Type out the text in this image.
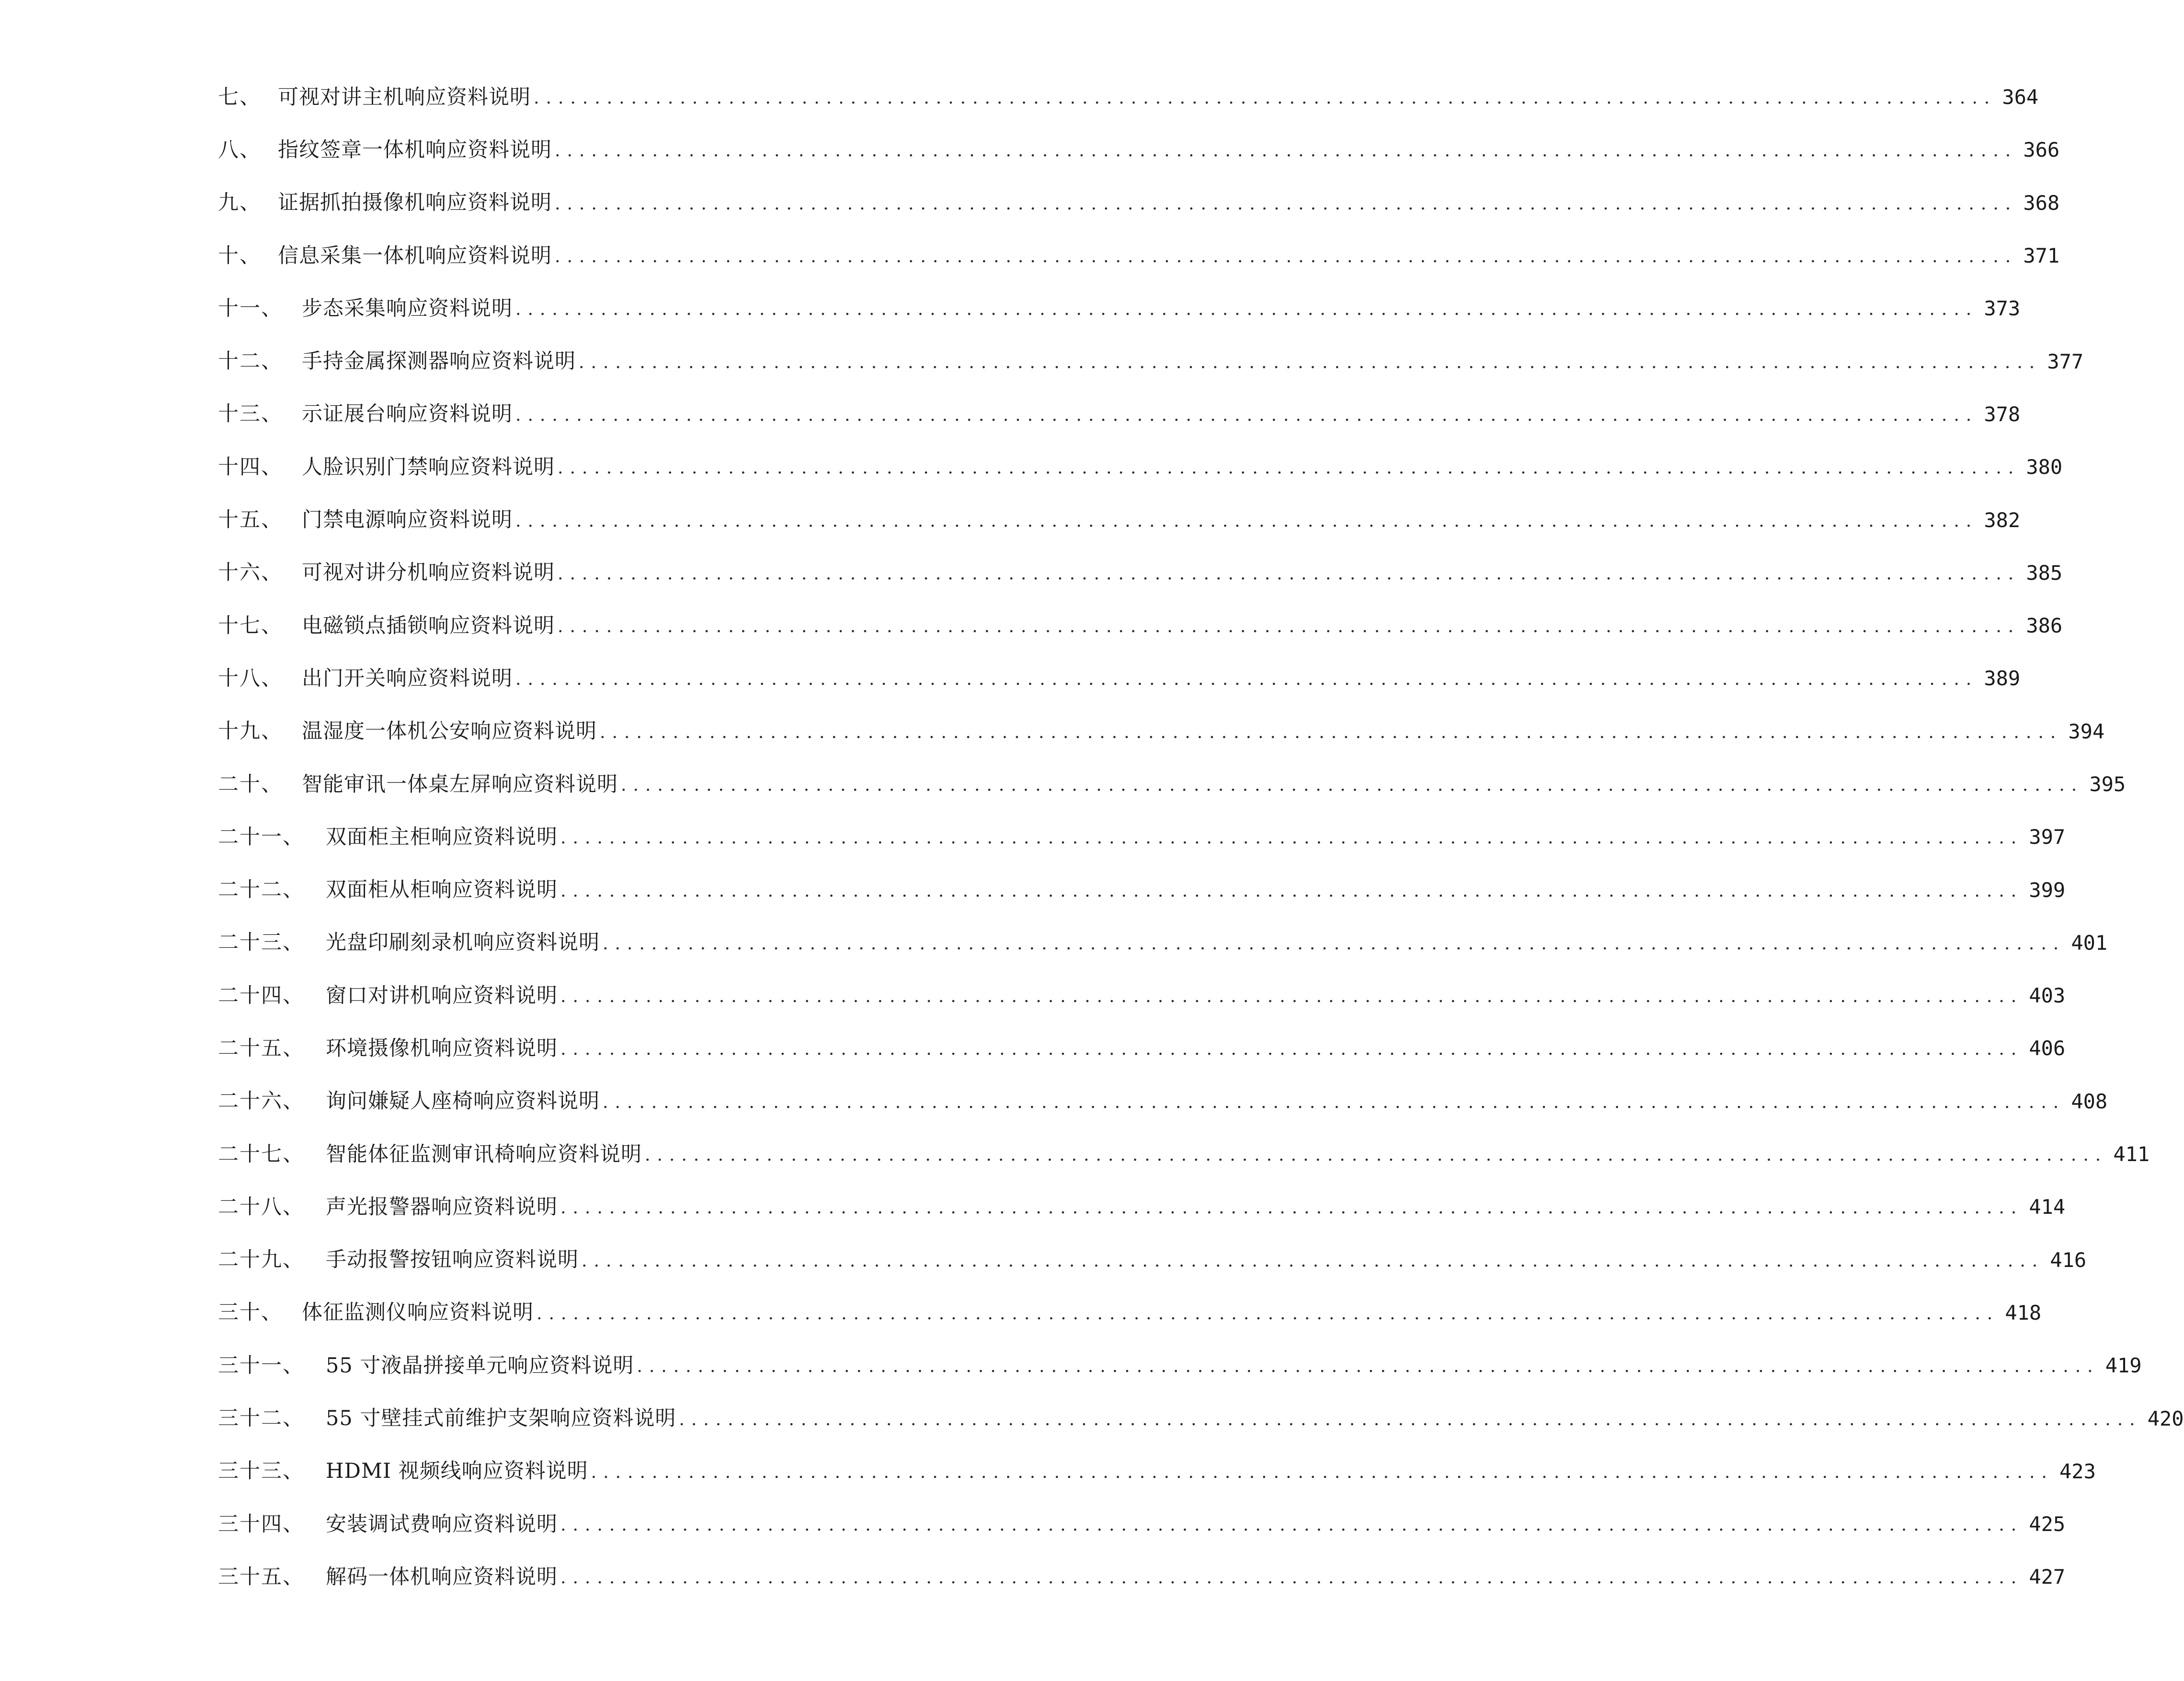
七、 可视对讲主机响应资料说明 ........................................................................................................................ 364
八、 指纹签章一体机响应资料说明 ........................................................................................................................ 366
九、 证据抓拍摄像机响应资料说明 ........................................................................................................................ 368
十、 信息采集一体机响应资料说明 ........................................................................................................................ 371
十一、 步态采集响应资料说明 ........................................................................................................................ 373
十二、 手持金属探测器响应资料说明 ........................................................................................................................ 377
十三、 示证展台响应资料说明 ........................................................................................................................ 378
十四、 人脸识别门禁响应资料说明 ........................................................................................................................ 380
十五、 门禁电源响应资料说明 ........................................................................................................................ 382
十六、 可视对讲分机响应资料说明 ........................................................................................................................ 385
十七、 电磁锁点插锁响应资料说明 ........................................................................................................................ 386
十八、 出门开关响应资料说明 ........................................................................................................................ 389
十九、 温湿度一体机公安响应资料说明 ........................................................................................................................ 394
二十、 智能审讯一体桌左屏响应资料说明 ........................................................................................................................ 395
二十一、	双面柜主柜响应资料说明 ........................................................................................................................ 397
二十二、	双面柜从柜响应资料说明 ........................................................................................................................ 399
二十三、	光盘印刷刻录机响应资料说明 ........................................................................................................................ 401
二十四、	窗口对讲机响应资料说明 ........................................................................................................................ 403
二十五、	环境摄像机响应资料说明 ........................................................................................................................ 406
二十六、	询问嫌疑人座椅响应资料说明 ........................................................................................................................ 408
二十七、	智能体征监测审讯椅响应资料说明 ........................................................................................................................ 411
二十八、	声光报警器响应资料说明 ........................................................................................................................ 414
二十九、	手动报警按钮响应资料说明 ........................................................................................................................ 416
三十、 体征监测仪响应资料说明 ........................................................................................................................ 418
三十一、	55 寸液晶拼接单元响应资料说明 ........................................................................................................................ 419
三十二、	55 寸壁挂式前维护支架响应资料说明 ........................................................................................................................ 420
三十三、	HDMI 视频线响应资料说明 ........................................................................................................................ 423
三十四、	安装调试费响应资料说明 ........................................................................................................................ 425
三十五、	解码一体机响应资料说明 ........................................................................................................................ 427
